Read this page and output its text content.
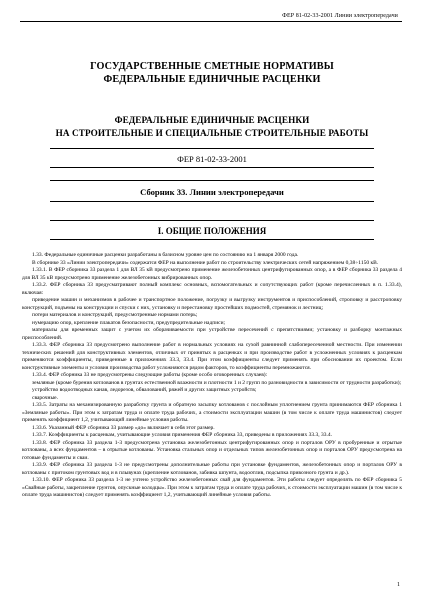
ФЕР 81-02-33-2001 Линии электропередачи
ГОСУДАРСТВЕННЫЕ СМЕТНЫЕ НОРМАТИВЫ
ФЕДЕРАЛЬНЫЕ ЕДИНИЧНЫЕ РАСЦЕНКИ
ФЕДЕРАЛЬНЫЕ ЕДИНИЧНЫЕ РАСЦЕНКИ
НА СТРОИТЕЛЬНЫЕ И СПЕЦИАЛЬНЫЕ СТРОИТЕЛЬНЫЕ РАБОТЫ
ФЕР 81-02-33-2001
Сборник 33. Линии электропередачи
I. ОБЩИЕ ПОЛОЖЕНИЯ

1.33. Федеральные единичные расценки разработаны в базисном уровне цен по состоянию на 1 января 2000 года.

В сборнике 33 «Линии электропередачи» содержатся ФЕР на выполнение работ по строительству электрических сетей напряжением 0,38÷1150 кВ.

1.33.1. В ФЕР сборника 33 раздела 1 для ВЛ 35 кВ предусмотрено применение железобетонных центрифугированных опор, а в ФЕР сборника 33 раздела 4 для ВЛ 35 кВ предусмотрено применение железобетонных вибрированных опор.

1.33.2. ФЕР сборника 33 предусматривают полный комплекс основных, вспомогательных и сопутствующих работ (кроме перечисленных в п. 1.33.4), включая:

приведение машин и механизмов в рабочее и транспортное положение, погрузку и выгрузку инструментов и приспособлений, строповку и расстроповку конструкций, подъемы на конструкции и спуски с них, установку и перестановку простейших подмостей, стремянок и лестниц;

потери материалов и конструкций, предусмотренные нормами потерь;

нумерацию опор, крепление плакатов безопасности, предупредительные надписи;

материалы для временных защит с учетом их оборачиваемости при устройстве пересечений с препятствиями; установку и разборку монтажных приспособлений.

1.33.3. ФЕР сборника 33 предусмотрено выполнение работ в нормальных условиях на сухой равнинной слабопересеченной местности. При изменении технических решений для конструктивных элементов, отличных от принятых в расценках и при производстве работ в усложненных условиях к расценкам применяются коэффициенты, приведенные в приложениях 33.3, 33.4. При этом коэффициенты следует применять при обосновании их проектом. Если конструктивные элементы и условия производства работ усложняются рядом факторов, то коэффициенты перемножаются.

1.33.4. ФЕР сборника 33 не предусмотрены следующие работы (кроме особо оговоренных случаев):

земляные (кроме бурения котлованов в грунтах естественной влажности и плотности 1 и 2 групп по разновидности в зависимости от трудности разработки);

устройство водоотводных канав, ледорезов, обвалований, ряжей и других защитных устройств;

сварочные.

1.33.5. Затраты на механизированную разработку грунта и обратную засыпку котлованов с послойным уплотнением грунта принимаются ФЕР сборника 1 «Земляные работы». При этом к затратам труда и оплате труда рабочих, а стоимости эксплуатации машин (в том числе к оплате труда машинистов) следует применять коэффициент 1,2, учитывающий линейные условия работы.

1.33.6. Указанный ФЕР сборника 33 размер «до» включает в себя этот размер.

1.33.7. Коэффициенты к расценкам, учитывающие условия применения ФЕР сборника 33, приведены в приложениях 33.3, 33.4.

1.33.8. ФЕР сборника 33 раздела 1-3 предусмотрена установка железобетонных центрифугированных опор и порталов ОРУ в пробуренные и отрытые котлованы, а всех фундаментов – в отрытые котлованы. Установка стальных опор и отдельных типов железобетонных опор и порталов ОРУ предусмотрена на готовые фундаменты и сваи.

1.33.9. ФЕР сборника 33 раздела 1-3 не предусмотрены дополнительные работы при установке фундаментов, железобетонных опор и порталов ОРУ в котлованы с притоком грунтовых вод и в плывунах (крепление котлованов, забивка шпунта, водоотлив, подсыпка привозного грунта и др.).

1.33.10. ФЕР сборника 33 раздела 1-3 не учтено устройство железобетонных свай для фундаментов. Эти работы следует определять по ФЕР сборника 5 «Свайные работы, закрепление грунтов, опускные колодцы». При этом к затратам труда и оплате труда рабочих, к стоимости эксплуатации машин (в том числе к оплате труда машинистов) следует применять коэффициент 1,2, учитывающий линейные условия работы.

1
